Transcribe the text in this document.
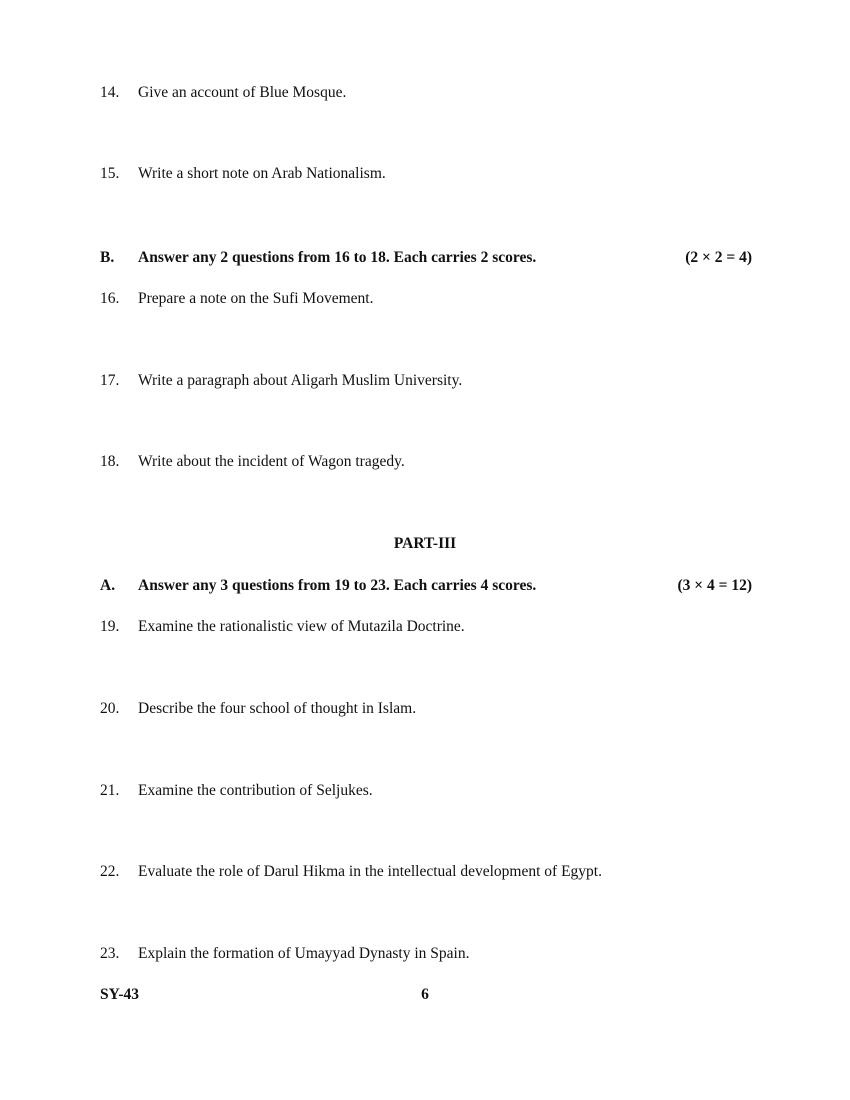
14. Give an account of Blue Mosque.
15. Write a short note on Arab Nationalism.
B. Answer any 2 questions from 16 to 18. Each carries 2 scores.	(2 × 2 = 4)
16. Prepare a note on the Sufi Movement.
17. Write a paragraph about Aligarh Muslim University.
18. Write about the incident of Wagon tragedy.
PART-III
A. Answer any 3 questions from 19 to 23. Each carries 4 scores.	(3 × 4 = 12)
19. Examine the rationalistic view of Mutazila Doctrine.
20. Describe the four school of thought in Islam.
21. Examine the contribution of Seljukes.
22. Evaluate the role of Darul Hikma in the intellectual development of Egypt.
23. Explain the formation of Umayyad Dynasty in Spain.
SY-43	6
